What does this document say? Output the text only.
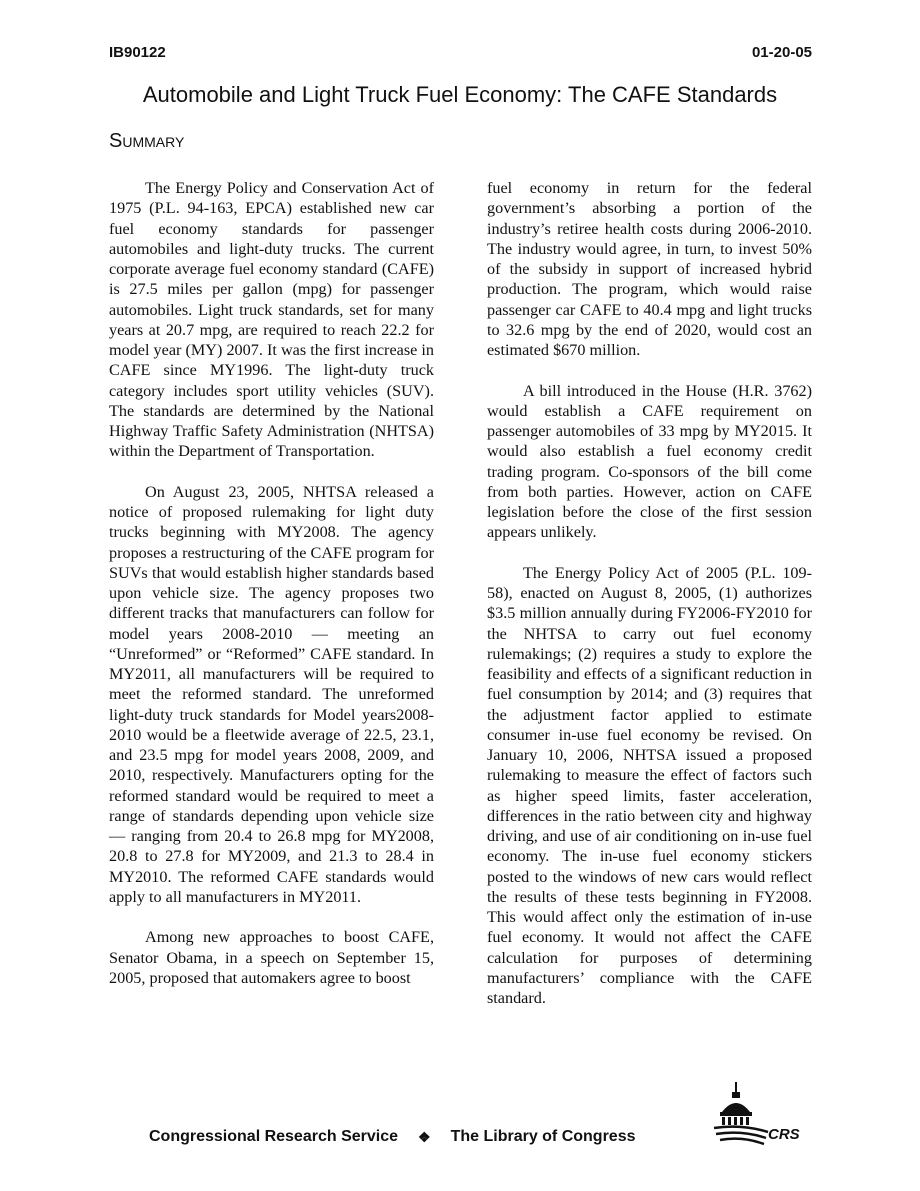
IB90122	01-20-05
Automobile and Light Truck Fuel Economy: The CAFE Standards
Summary

The Energy Policy and Conservation Act of 1975 (P.L. 94-163, EPCA) established new car fuel economy standards for passenger automobiles and light-duty trucks. The current corporate average fuel economy standard (CAFE) is 27.5 miles per gallon (mpg) for passenger automobiles. Light truck standards, set for many years at 20.7 mpg, are required to reach 22.2 for model year (MY) 2007. It was the first increase in CAFE since MY1996. The light-duty truck category includes sport utility vehicles (SUV). The standards are determined by the National Highway Traffic Safety Administration (NHTSA) within the Department of Transportation.

On August 23, 2005, NHTSA released a notice of proposed rulemaking for light duty trucks beginning with MY2008. The agency proposes a restructuring of the CAFE program for SUVs that would establish higher standards based upon vehicle size. The agency proposes two different tracks that manufacturers can follow for model years 2008-2010 — meeting an “Unreformed” or “Reformed” CAFE standard. In MY2011, all manufacturers will be required to meet the reformed standard. The unreformed light-duty truck standards for Model years2008-2010 would be a fleetwide average of 22.5, 23.1, and 23.5 mpg for model years 2008, 2009, and 2010, respectively. Manufacturers opting for the reformed standard would be required to meet a range of standards depending upon vehicle size — ranging from 20.4 to 26.8 mpg for MY2008, 20.8 to 27.8 for MY2009, and 21.3 to 28.4 in MY2010. The reformed CAFE standards would apply to all manufacturers in MY2011.

Among new approaches to boost CAFE, Senator Obama, in a speech on September 15, 2005, proposed that automakers agree to boost

fuel economy in return for the federal government’s absorbing a portion of the industry’s retiree health costs during 2006-2010. The industry would agree, in turn, to invest 50% of the subsidy in support of increased hybrid production. The program, which would raise passenger car CAFE to 40.4 mpg and light trucks to 32.6 mpg by the end of 2020, would cost an estimated $670 million.

A bill introduced in the House (H.R. 3762) would establish a CAFE requirement on passenger automobiles of 33 mpg by MY2015. It would also establish a fuel economy credit trading program. Co-sponsors of the bill come from both parties. However, action on CAFE legislation before the close of the first session appears unlikely.

The Energy Policy Act of 2005 (P.L. 109-58), enacted on August 8, 2005, (1) authorizes $3.5 million annually during FY2006-FY2010 for the NHTSA to carry out fuel economy rulemakings; (2) requires a study to explore the feasibility and effects of a significant reduction in fuel consumption by 2014; and (3) requires that the adjustment factor applied to estimate consumer in-use fuel economy be revised. On January 10, 2006, NHTSA issued a proposed rulemaking to measure the effect of factors such as higher speed limits, faster acceleration, differences in the ratio between city and highway driving, and use of air conditioning on in-use fuel economy. The in-use fuel economy stickers posted to the windows of new cars would reflect the results of these tests beginning in FY2008. This would affect only the estimation of in-use fuel economy. It would not affect the CAFE calculation for purposes of determining manufacturers’ compliance with the CAFE standard.

Congressional Research Service ❖ The Library of Congress	CRS
